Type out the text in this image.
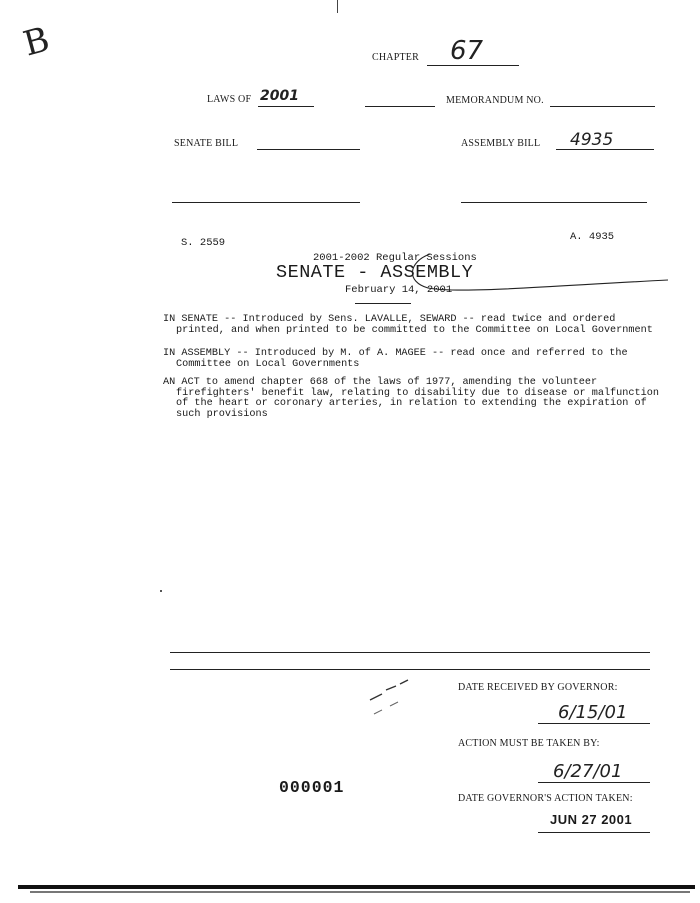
B	CHAPTER 67
LAWS OF 2001	MEMORANDUM NO.
SENATE BILL	ASSEMBLY BILL 4935
S. 2559	A. 4935
2001-2002 Regular Sessions
SENATE - ASSEMBLY
February 14, 2001
IN SENATE -- Introduced by Sens. LAVALLE, SEWARD -- read twice and ordered printed, and when printed to be committed to the Committee on Local Government
IN ASSEMBLY -- Introduced by M. of A. MAGEE -- read once and referred to the Committee on Local Governments
AN ACT to amend chapter 668 of the laws of 1977, amending the volunteer firefighters' benefit law, relating to disability due to disease or malfunction of the heart or coronary arteries, in relation to extending the expiration of such provisions
DATE RECEIVED BY GOVERNOR:
6/15/01
ACTION MUST BE TAKEN BY:
6/27/01
DATE GOVERNOR'S ACTION TAKEN:
JUN 27 2001
000001
